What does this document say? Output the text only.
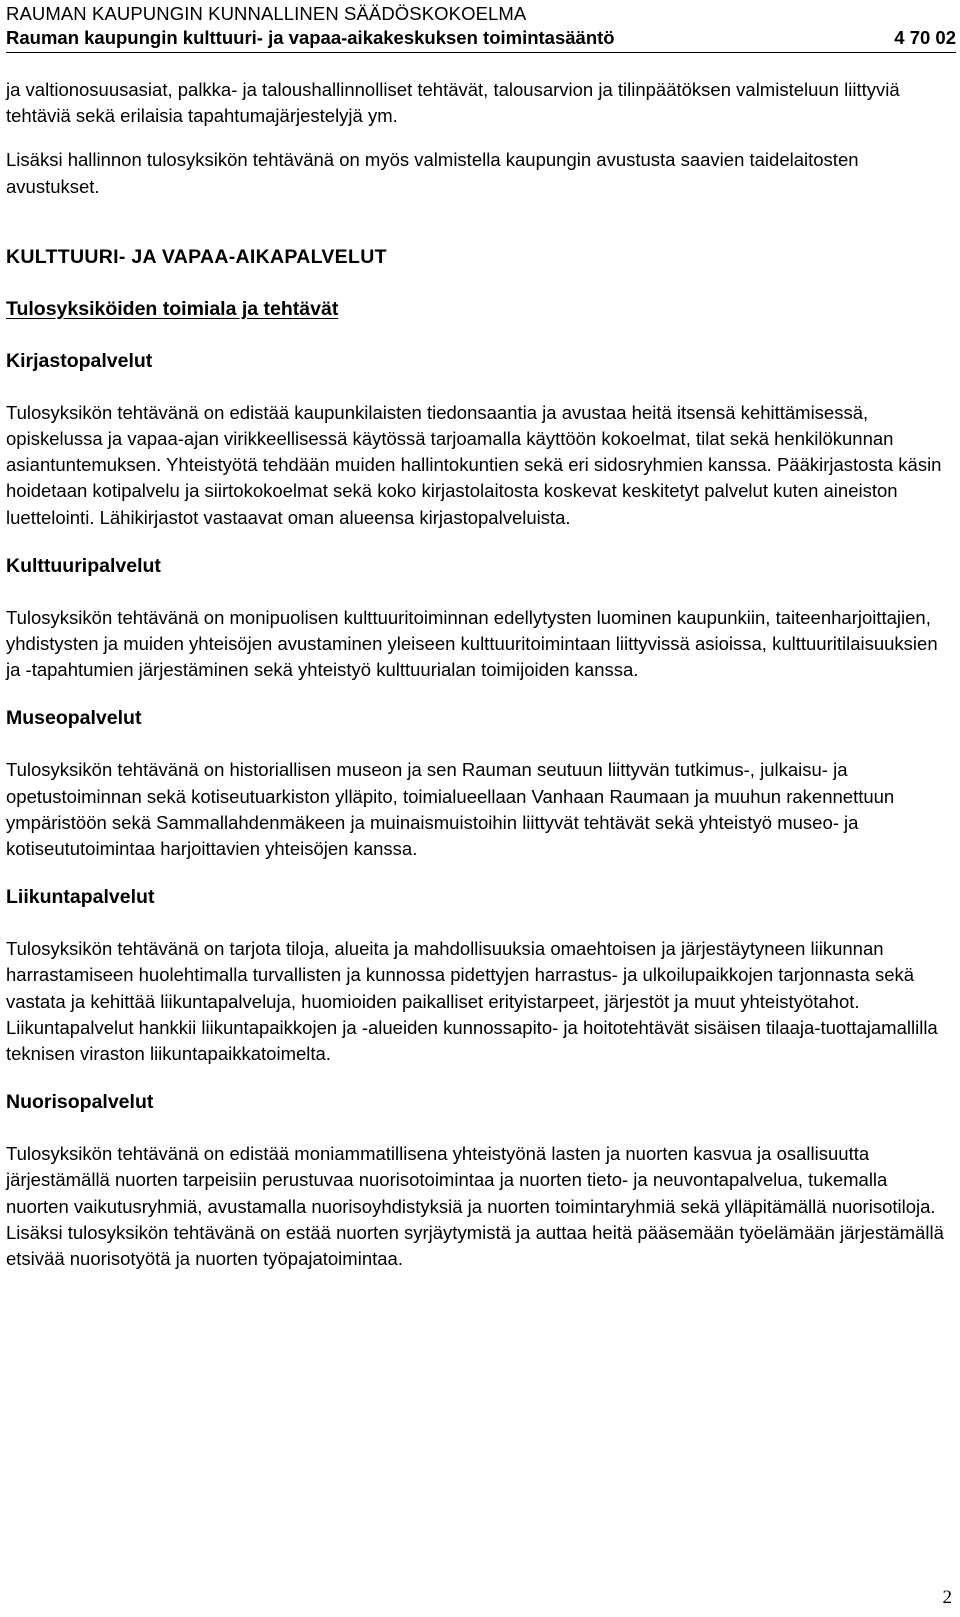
RAUMAN KAUPUNGIN KUNNALLINEN SÄÄDÖSKOKOELMA
Rauman kaupungin kulttuuri- ja vapaa-aikakeskuksen toimintasääntö	4 70 02

ja valtionosuusasiat, palkka- ja taloushallinnolliset tehtävät, talousarvion ja tilinpäätöksen valmisteluun liittyviä tehtäviä sekä erilaisia tapahtumajärjestelyjä ym.

Lisäksi hallinnon tulosyksikön tehtävänä on myös valmistella kaupungin avustusta saavien taidelaitosten avustukset.

KULTTUURI- JA VAPAA-AIKAPALVELUT
Tulosyksiköiden toimiala ja tehtävät
Kirjastopalvelut

Tulosyksikön tehtävänä on edistää kaupunkilaisten tiedonsaantia ja avustaa heitä itsensä kehittämisessä, opiskelussa ja vapaa-ajan virikkeellisessä käytössä tarjoamalla käyttöön kokoelmat, tilat sekä henkilökunnan asiantuntemuksen. Yhteistyötä tehdään muiden hallintokuntien sekä eri sidosryhmien kanssa. Pääkirjastosta käsin hoidetaan kotipalvelu ja siirtokokoelmat sekä koko kirjastolaitosta koskevat keskitetyt palvelut kuten aineiston luettelointi. Lähikirjastot vastaavat oman alueensa kirjastopalveluista.

Kulttuuripalvelut

Tulosyksikön tehtävänä on monipuolisen kulttuuritoiminnan edellytysten luominen kaupunkiin, taiteenharjoittajien, yhdistysten ja muiden yhteisöjen avustaminen yleiseen kulttuuritoimintaan liittyvissä asioissa, kulttuuritilaisuuksien ja -tapahtumien järjestäminen sekä yhteistyö kulttuurialan toimijoiden kanssa.

Museopalvelut

Tulosyksikön tehtävänä on historiallisen museon ja sen Rauman seutuun liittyvän tutkimus-, julkaisu- ja opetustoiminnan sekä kotiseutuarkiston ylläpito, toimialueellaan Vanhaan Raumaan ja muuhun rakennettuun ympäristöön sekä Sammallahdenmäkeen ja muinaismuistoihin liittyvät tehtävät sekä yhteistyö museo- ja kotiseututoimintaa harjoittavien yhteisöjen kanssa.

Liikuntapalvelut

Tulosyksikön tehtävänä on tarjota tiloja, alueita ja mahdollisuuksia omaehtoisen ja järjestäytyneen liikunnan harrastamiseen huolehtimalla turvallisten ja kunnossa pidettyjen harrastus- ja ulkoilupaikkojen tarjonnasta sekä vastata ja kehittää liikuntapalveluja, huomioiden paikalliset erityistarpeet, järjestöt ja muut yhteistyötahot. Liikuntapalvelut hankkii liikuntapaikkojen ja -alueiden kunnossapito- ja hoitotehtävät sisäisen tilaaja-tuottajamallilla teknisen viraston liikuntapaikkatoimelta.

Nuorisopalvelut

Tulosyksikön tehtävänä on edistää moniammatillisena yhteistyönä lasten ja nuorten kasvua ja osallisuutta järjestämällä nuorten tarpeisiin perustuvaa nuorisotoimintaa ja nuorten tieto- ja neuvontapalvelua, tukemalla nuorten vaikutusryhmiä, avustamalla nuorisoyhdistyksiä ja nuorten toimintaryhmiä sekä ylläpitämällä nuorisotiloja. Lisäksi tulosyksikön tehtävänä on estää nuorten syrjäytymistä ja auttaa heitä pääsemään työelämään järjestämällä etsivää nuorisotyötä ja nuorten työpajatoimintaa.

2
